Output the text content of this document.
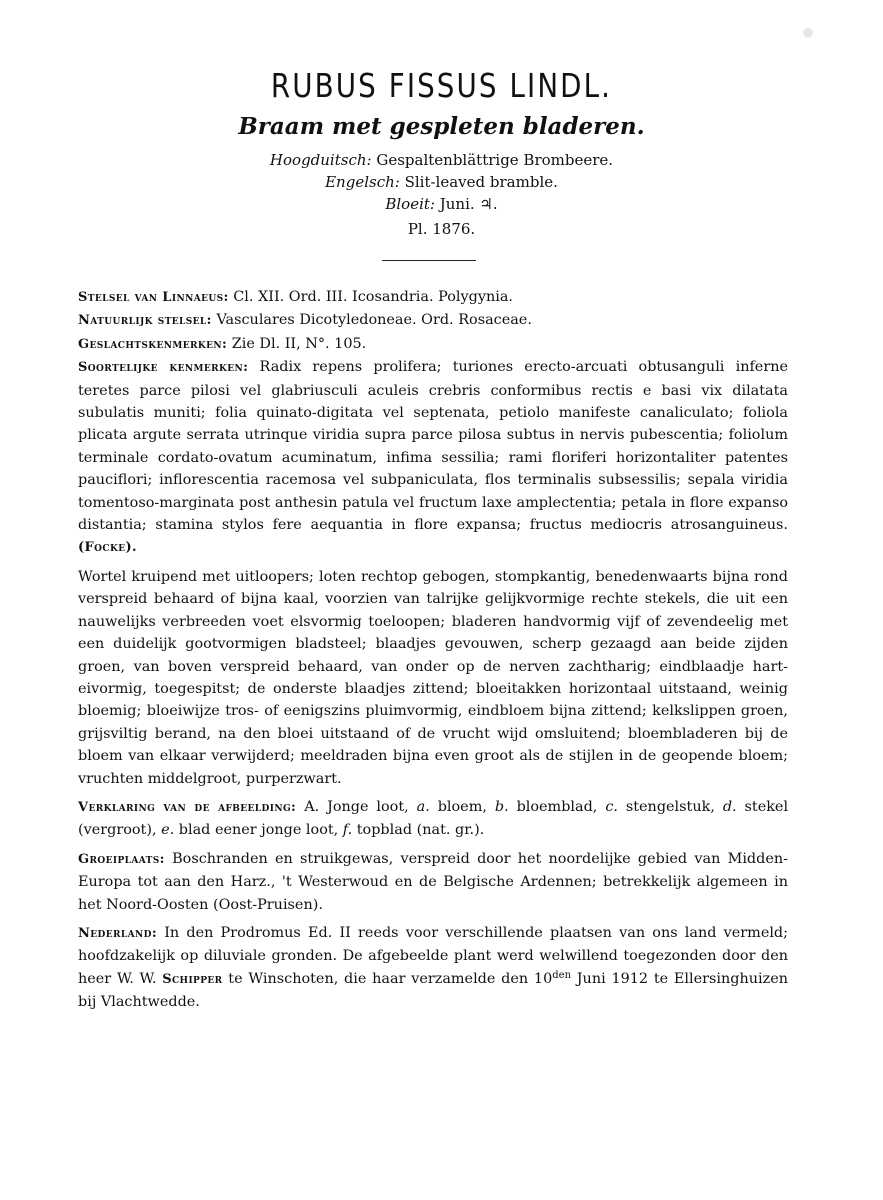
RUBUS FISSUS LINDL.
Braam met gespleten bladeren.
Hoogduitsch: Gespaltenblättrige Brombeere.
Engelsch: Slit-leaved bramble.
Bloeit: Juni. ♃.
Pl. 1876.

Stelsel van Linnaeus: Cl. XII. Ord. III. Icosandria. Polygynia.

Natuurlijk stelsel: Vasculares Dicotyledoneae. Ord. Rosaceae.

Geslachtskenmerken: Zie Dl. II, N°. 105.

Soortelijke kenmerken: Radix repens prolifera; turiones erecto-arcuati obtusanguli inferne teretes parce pilosi vel glabriusculi aculeis crebris conformibus rectis e basi vix dilatata subulatis muniti; folia quinato-digitata vel septenata, petiolo manifeste canaliculato; foliola plicata argute serrata utrinque viridia supra parce pilosa subtus in nervis pubescentia; foliolum terminale cordato-ovatum acuminatum, infima sessilia; rami floriferi horizontaliter patentes pauciflori; inflorescentia racemosa vel subpaniculata, flos terminalis subsessilis; sepala viridia tomentoso-marginata post anthesin patula vel fructum laxe amplectentia; petala in flore expanso distantia; stamina stylos fere aequantia in flore expansa; fructus mediocris atrosanguineus. (Focke).

Wortel kruipend met uitloopers; loten rechtop gebogen, stompkantig, benedenwaarts bijna rond verspreid behaard of bijna kaal, voorzien van talrijke gelijkvormige rechte stekels, die uit een nauwelijks verbreeden voet elsvormig toeloopen; bladeren handvormig vijf of zevendeelig met een duidelijk gootvormigen bladsteel; blaadjes gevouwen, scherp gezaagd aan beide zijden groen, van boven verspreid behaard, van onder op de nerven zachtharig; eindblaadje hart-eivormig, toegespitst; de onderste blaadjes zittend; bloeitakken horizontaal uitstaand, weinig bloemig; bloeiwijze tros- of eenigszins pluimvormig, eindbloem bijna zittend; kelkslippen groen, grijsviltig berand, na den bloei uitstaand of de vrucht wijd omsluitend; bloembladeren bij de bloem van elkaar verwijderd; meeldraden bijna even groot als de stijlen in de geopende bloem; vruchten middelgroot, purperzwart.

Verklaring van de afbeelding: A. Jonge loot, a. bloem, b. bloemblad, c. stengelstuk, d. stekel (vergroot), e. blad eener jonge loot, f. topblad (nat. gr.).

Groeiplaats: Boschranden en struikgewas, verspreid door het noordelijke gebied van Midden-Europa tot aan den Harz., 't Westerwoud en de Belgische Ardennen; betrekkelijk algemeen in het Noord-Oosten (Oost-Pruisen).

Nederland: In den Prodromus Ed. II reeds voor verschillende plaatsen van ons land vermeld; hoofdzakelijk op diluviale gronden. De afgebeelde plant werd welwillend toegezonden door den heer W. W. Schipper te Winschoten, die haar verzamelde den $10^{den}$ Juni 1912 te Ellersinghuizen bij Vlachtwedde.
